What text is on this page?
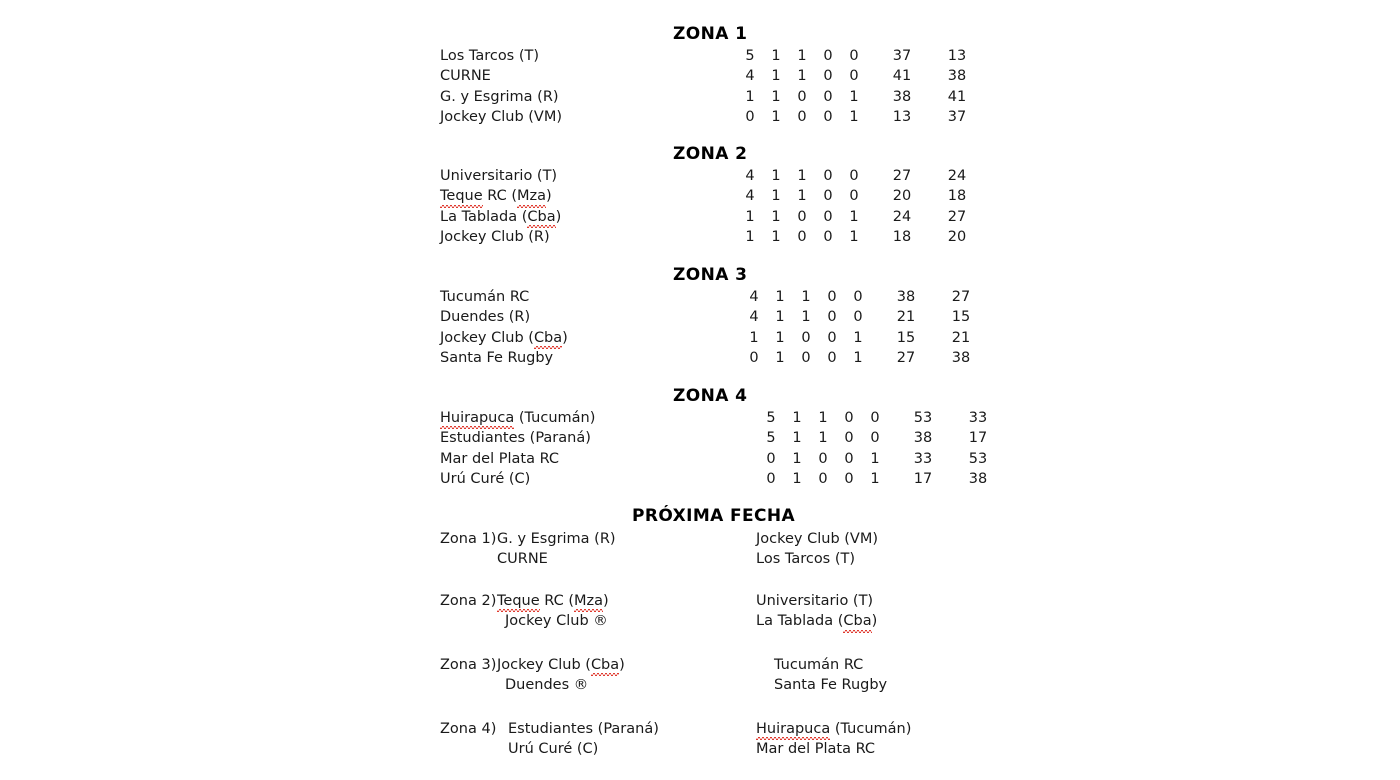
ZONA 1
Los Tarcos (T)	5 1 1 0 0 37	13
CURNE	4 1 1 0 0 41	38
G. y Esgrima (R)	1 1 0 0 1 38	41
Jockey Club (VM)	0 1 0 0 1 13	37
ZONA 2
Universitario (T)	4 1 1 0 0 27	24
Teque RC (Mza)	4 1 1 0 0 20	18
La Tablada (Cba)	1 1 0 0 1 24	27
Jockey Club (R)	1 1 0 0 1 18	20
ZONA 3
Tucumán RC	4 1 1 0 0 38	27
Duendes (R)	4 1 1 0 0 21	15
Jockey Club (Cba)	1 1 0 0 1 15	21
Santa Fe Rugby	0 1 0 0 1 27	38
ZONA 4
Huirapuca (Tucumán)	5 1 1 0 0 53	33
Estudiantes (Paraná)	5 1 1 0 0 38	17
Mar del Plata RC	0 1 0 0 1 33	53
Urú Curé (C)	0 1 0 0 1 17	38
PRÓXIMA FECHA
Zona 1) G. y Esgrima (R)	Jockey Club (VM)
CURNE	Los Tarcos (T)
Zona 2) Teque RC (Mza)	Universitario (T)
Jockey Club ®	La Tablada (Cba)
Zona 3) Jockey Club (Cba)	Tucumán RC
Duendes ®	Santa Fe Rugby
Zona 4) Estudiantes (Paraná)	Huirapuca (Tucumán)
Urú Curé (C)	Mar del Plata RC
